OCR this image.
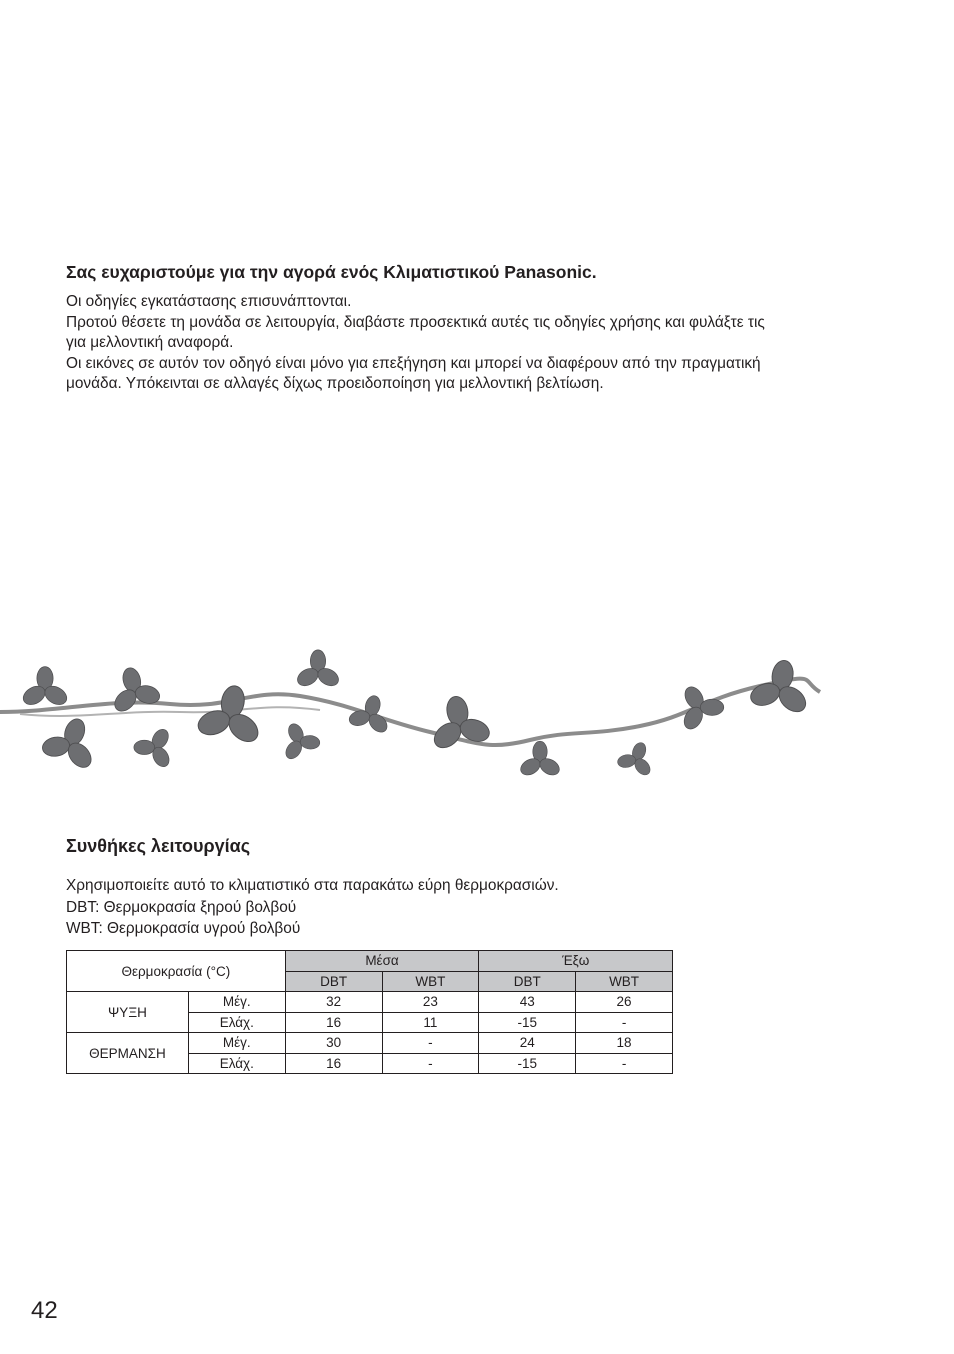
Σας ευχαριστούμε για την αγορά ενός Κλιματιστικού Panasonic.

Οι οδηγίες εγκατάστασης επισυνάπτονται.

Προτού θέσετε τη μονάδα σε λειτουργία, διαβάστε προσεκτικά αυτές τις οδηγίες χρήσης και φυλάξτε τις

για μελλοντική αναφορά.

Οι εικόνες σε αυτόν τον οδηγό είναι μόνο για επεξήγηση και μπορεί να διαφέρουν από την πραγματική

μονάδα. Υπόκεινται σε αλλαγές δίχως προειδοποίηση για μελλοντική βελτίωση.

Συνθήκες λειτουργίας

Χρησιμοποιείτε αυτό το κλιματιστικό στα παρακάτω εύρη θερμοκρασιών.

DBT: Θερμοκρασία ξηρού βολβού

WBT: Θερμοκρασία υγρού βολβού

Θερμοκρασία (°C)		Μέσα		Έξω	
		DBT	WBT	DBT	WBT
ΨΥΞΗ	Μέγ.	32	23	43	26
	Ελάχ.	16	11	-15	-
ΘΕΡΜΑΝΣΗ	Μέγ.	30	-	24	18
	Ελάχ.	16	-	-15	-
42
